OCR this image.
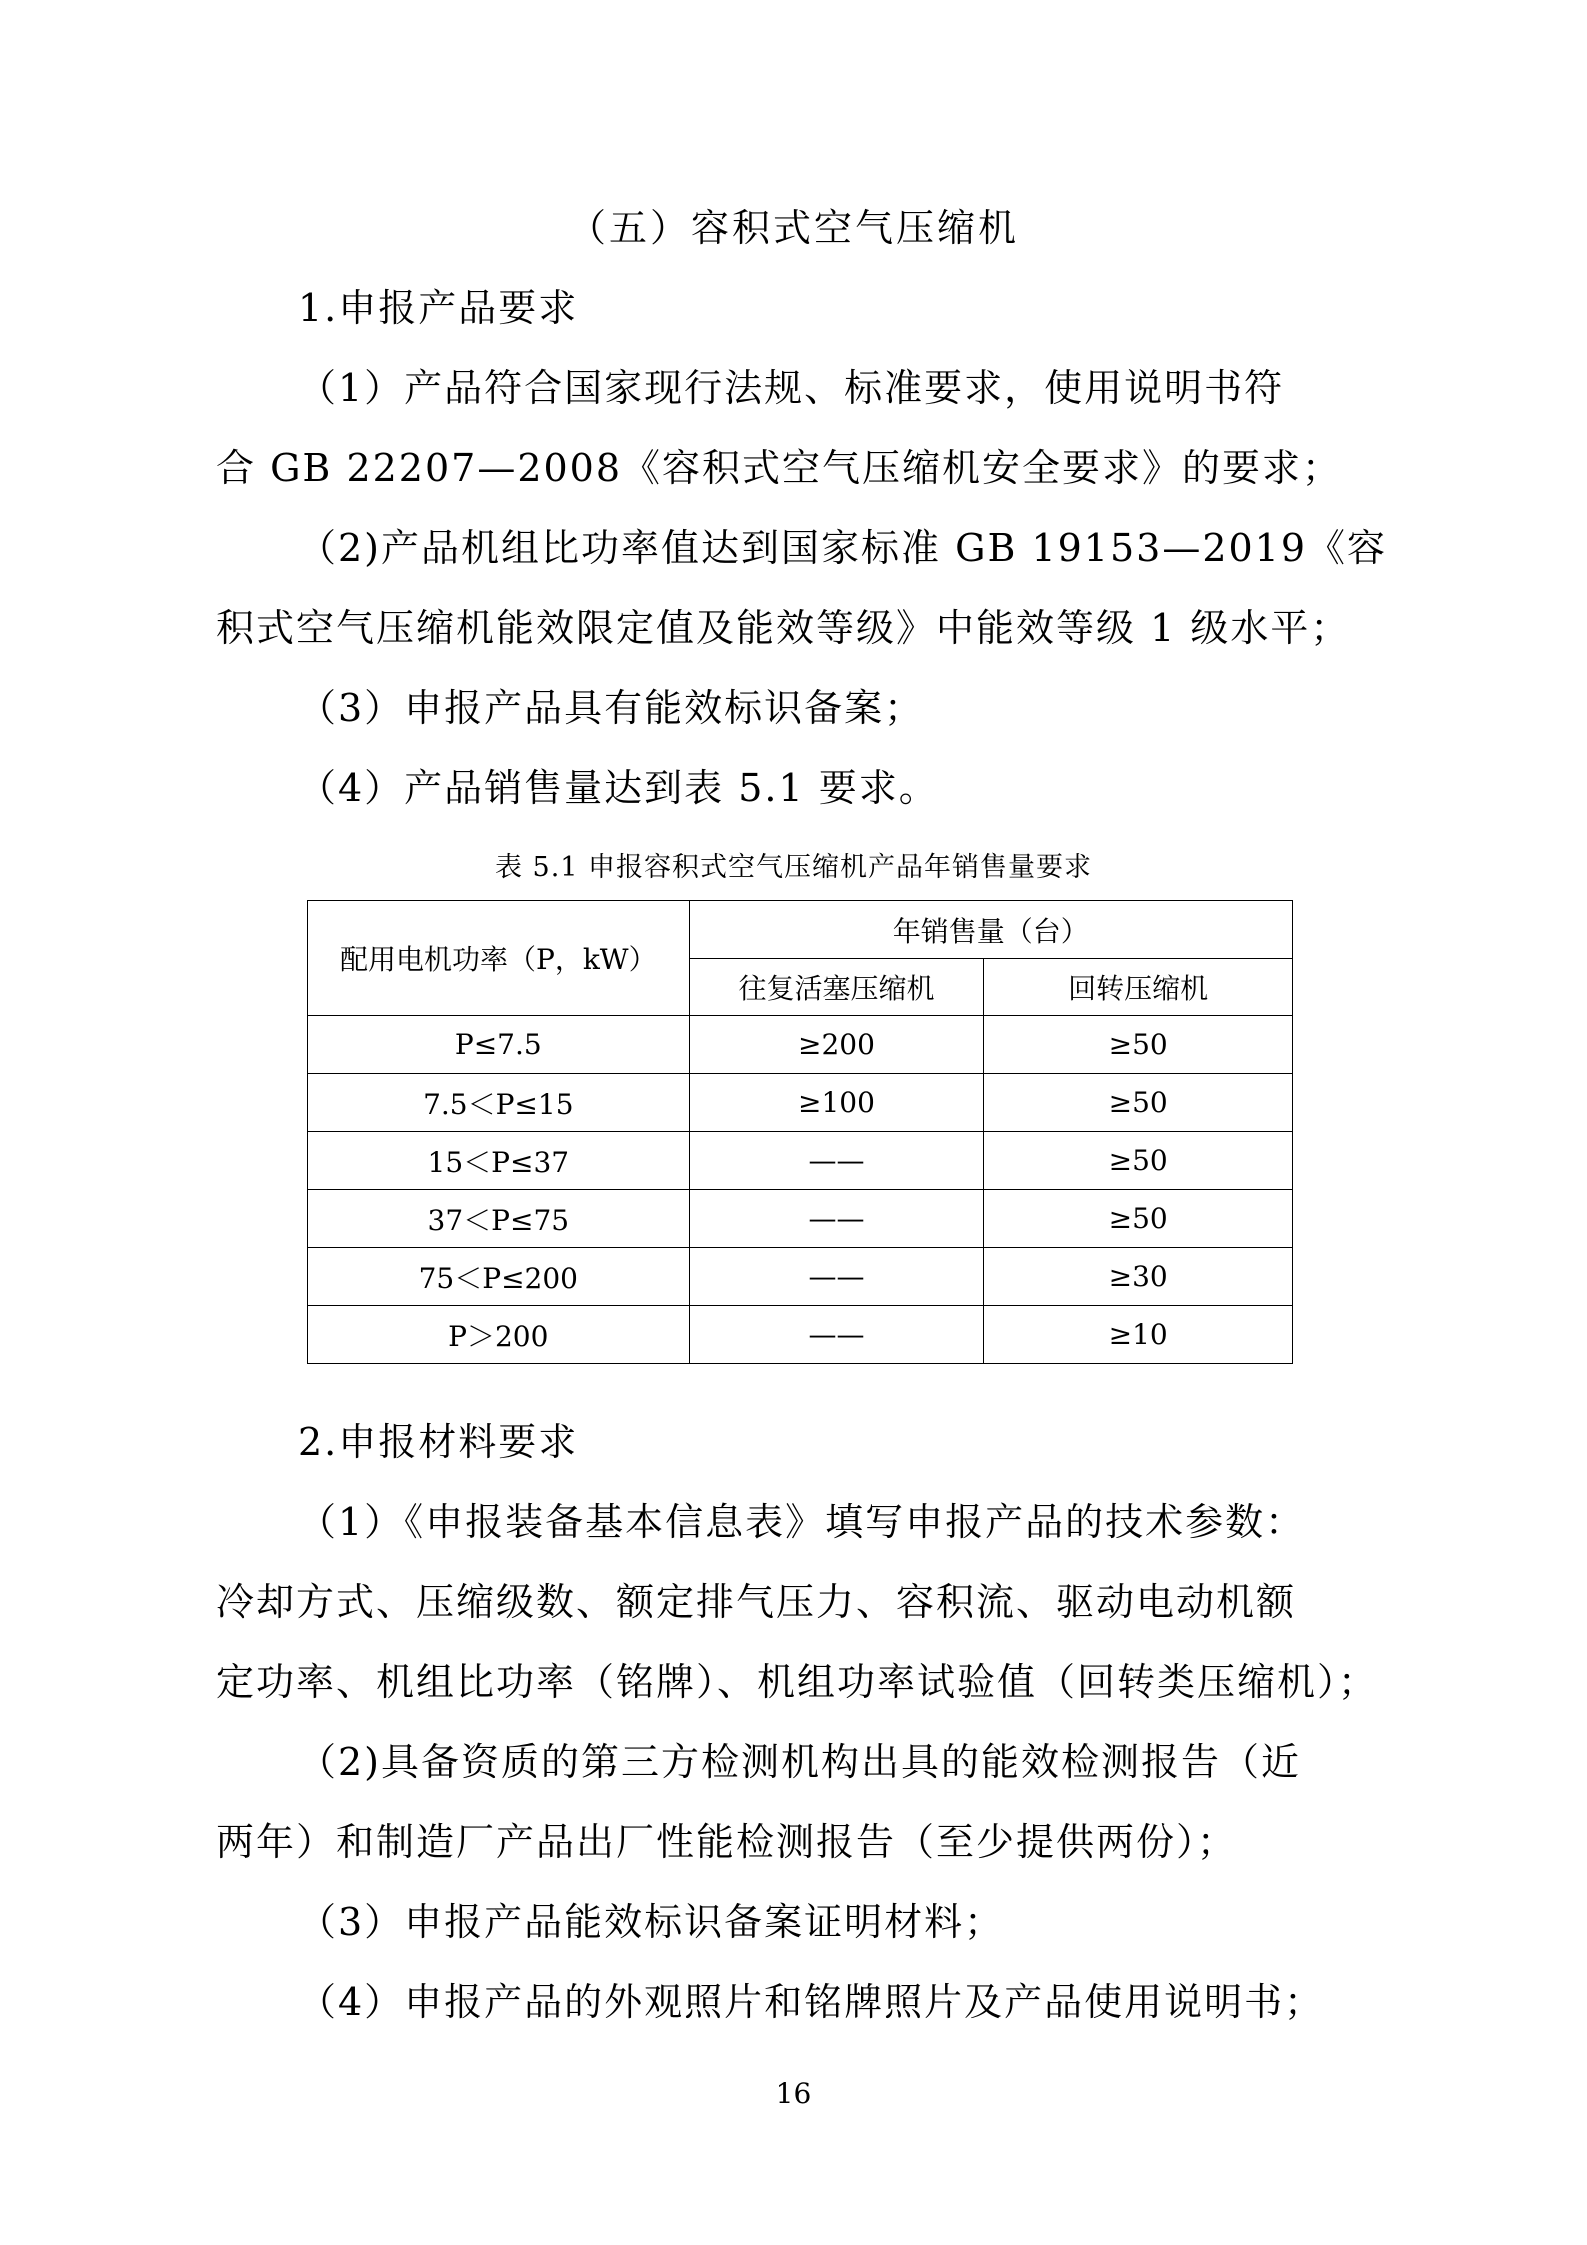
（五）容积式空气压缩机
1.申报产品要求
（1）产品符合国家现行法规、标准要求，使用说明书符
合 GB 22207—2008《容积式空气压缩机安全要求》的要求；
（2)产品机组比功率值达到国家标准 GB 19153—2019《容
积式空气压缩机能效限定值及能效等级》中能效等级 1 级水平；
（3）申报产品具有能效标识备案；
（4）产品销售量达到表 5.1 要求。
表 5.1 申报容积式空气压缩机产品年销售量要求
配用电机功率（P，kW）	年销售量（台）	
	往复活塞压缩机	回转压缩机
P≤7.5	≥200	≥50
7.5＜P≤15	≥100	≥50
15＜P≤37	——	≥50
37＜P≤75	——	≥50
75＜P≤200	——	≥30
P＞200	——	≥10
2.申报材料要求
（1）《申报装备基本信息表》填写申报产品的技术参数：
冷却方式、压缩级数、额定排气压力、容积流、驱动电动机额
定功率、机组比功率（铭牌）、机组功率试验值（回转类压缩机）；
（2)具备资质的第三方检测机构出具的能效检测报告（近
两年）和制造厂产品出厂性能检测报告（至少提供两份）；
（3）申报产品能效标识备案证明材料；
（4）申报产品的外观照片和铭牌照片及产品使用说明书；
16
